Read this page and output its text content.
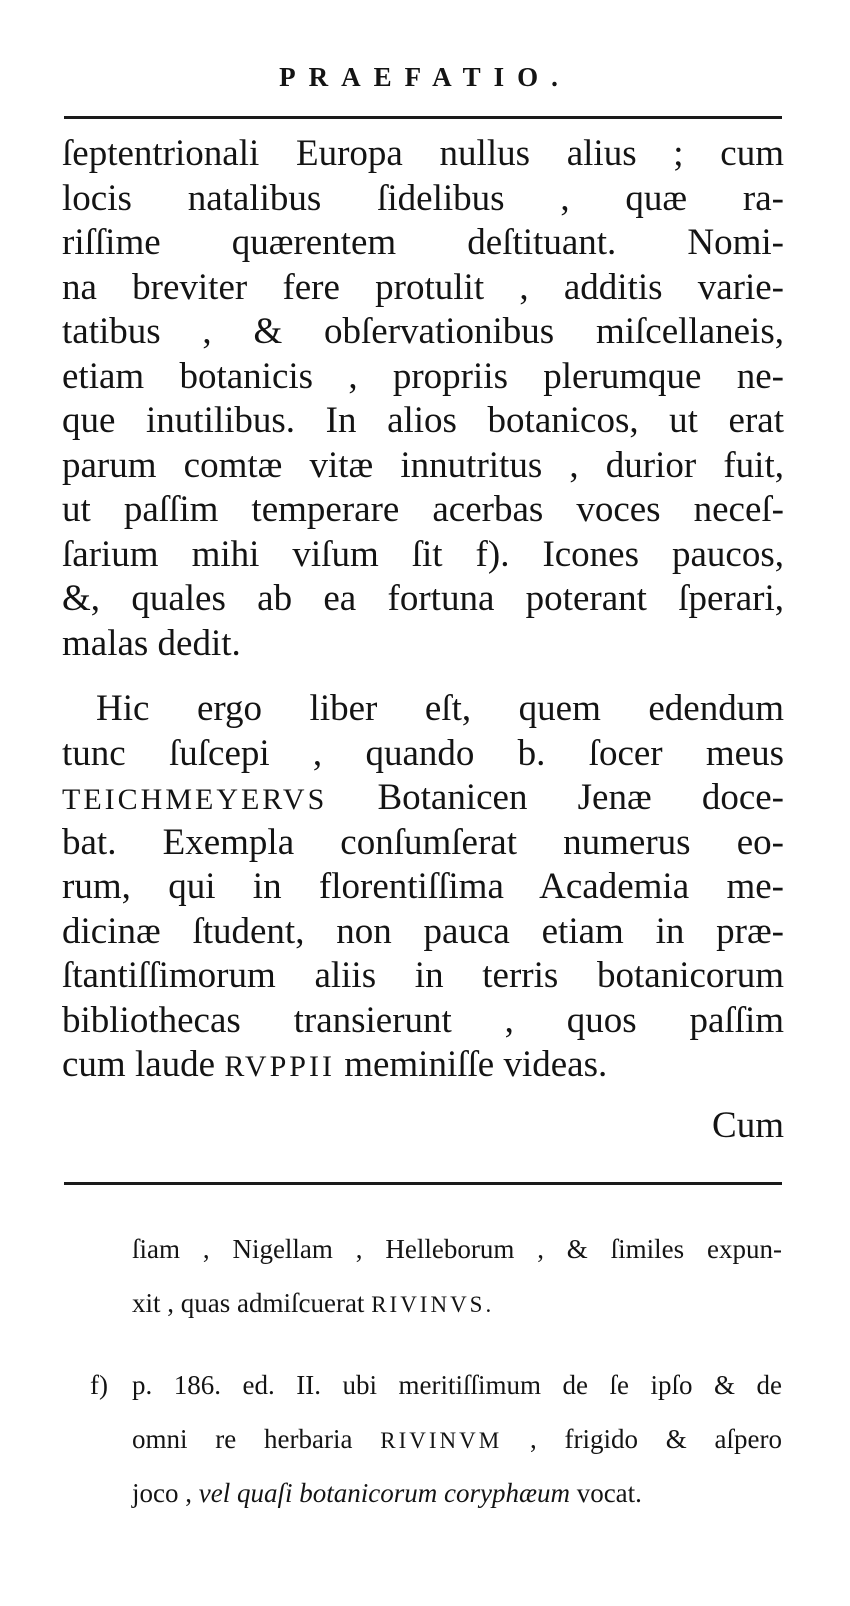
PRAEFATIO.
ſeptentrionali Europa nullus alius ; cum
locis natalibus ſidelibus , quæ ra-
riſſime quærentem deſtituant. Nomi-
na breviter fere protulit , additis varie-
tatibus , & obſervationibus miſcellaneis,
etiam botanicis , propriis plerumque ne-
que inutilibus. In alios botanicos, ut erat
parum comtæ vitæ innutritus , durior fuit,
ut paſſim temperare acerbas voces neceſ-
ſarium mihi viſum ſit f). Icones paucos,
&, quales ab ea fortuna poterant ſperari,
malas dedit.
Hic ergo liber eſt, quem edendum
tunc ſuſcepi , quando b. ſocer meus
TEICHMEYERVS Botanicen Jenæ doce-
bat. Exempla conſumſerat numerus eo-
rum, qui in florentiſſima Academia me-
dicinæ ſtudent, non pauca etiam in præ-
ſtantiſſimorum aliis in terris botanicorum
bibliothecas transierunt , quos paſſim
cum laude RVPPII meminiſſe videas.
Cum
ſiam , Nigellam , Helleborum , & ſimiles expun-
xit , quas admiſcuerat RIVINVS.
f) p. 186. ed. II. ubi meritiſſimum de ſe ipſo & de
omni re herbaria RIVINVM , frigido & aſpero
joco , vel quaſi botanicorum coryphæum vocat.
